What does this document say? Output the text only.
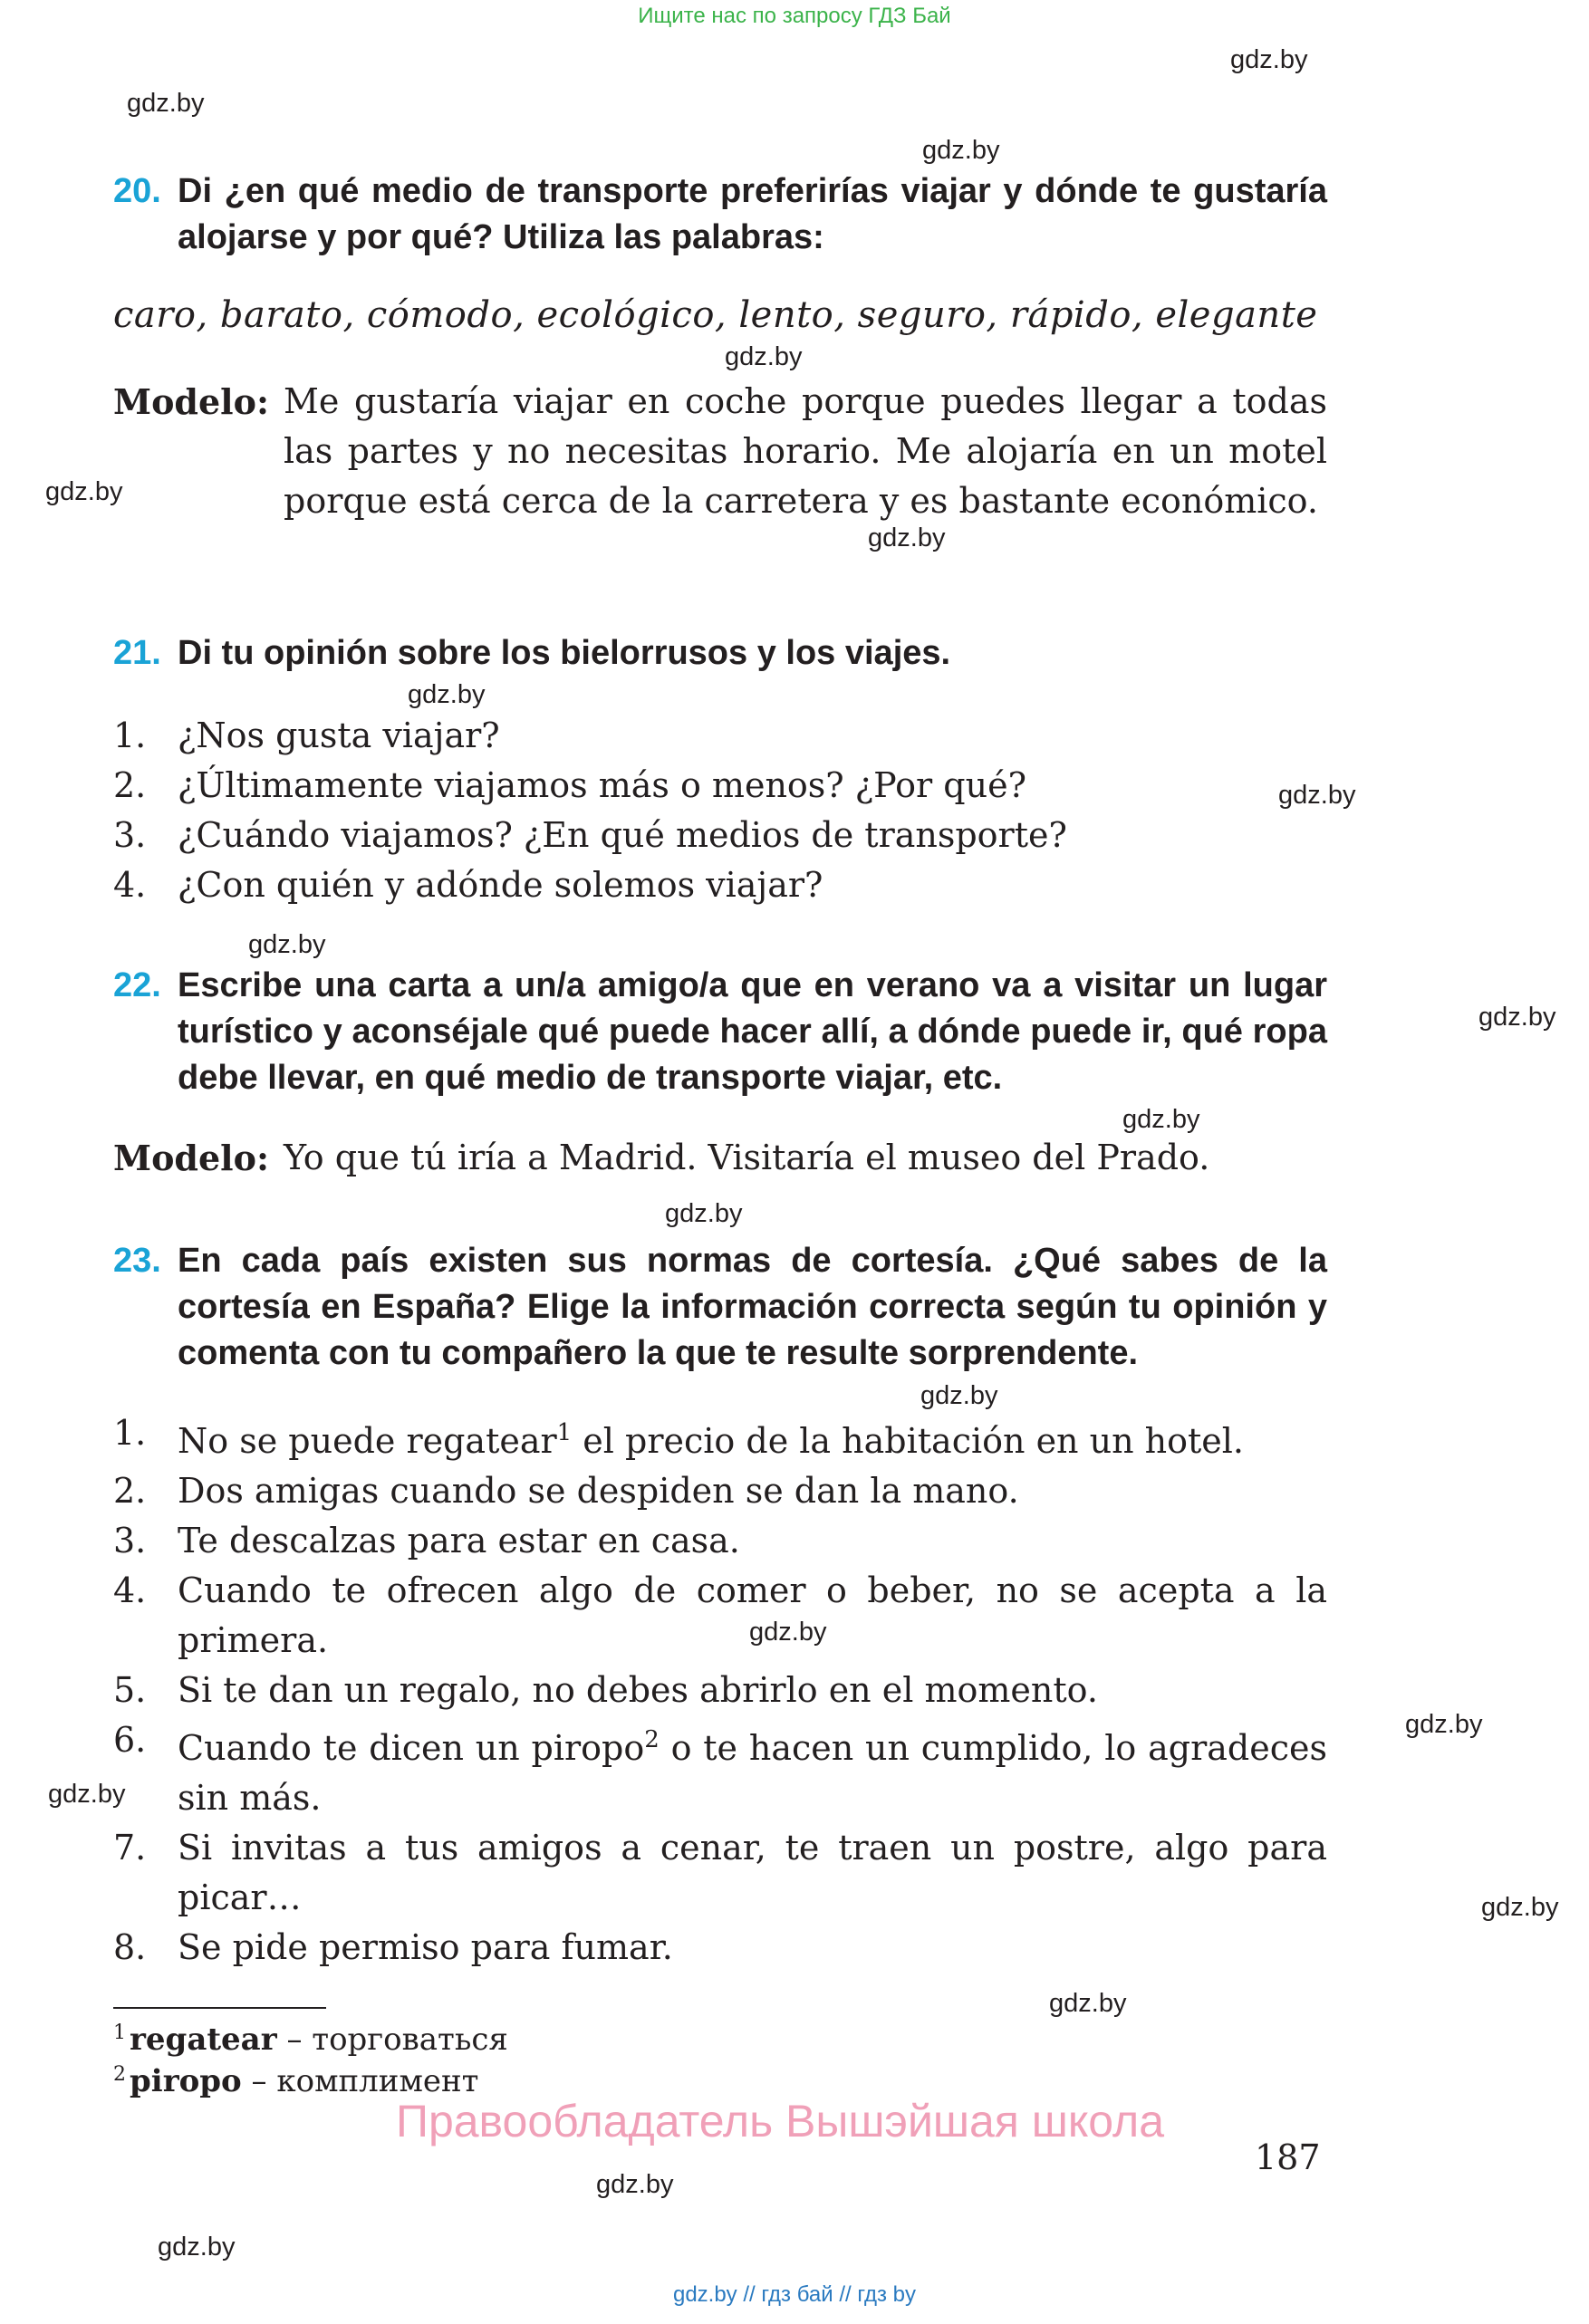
Ищите нас по запросу ГДЗ Бай
gdz.by
gdz.by
gdz.by
gdz.by
gdz.by
gdz.by
gdz.by
gdz.by
gdz.by
gdz.by
gdz.by
gdz.by
gdz.by
gdz.by
gdz.by
gdz.by
gdz.by
gdz.by
gdz.by
gdz.by
20. Di ¿en qué medio de transporte preferirías viajar y dónde te gustaría alojarse y por qué? Utiliza las palabras:
caro, barato, cómodo, ecológico, lento, seguro, rápido, elegante
Modelo: Me gustaría viajar en coche porque puedes llegar a todas las partes y no necesitas horario. Me alojaría en un motel porque está cerca de la carretera y es bastante económico.
21. Di tu opinión sobre los bielorrusos y los viajes.
1. ¿Nos gusta viajar?
2. ¿Últimamente viajamos más o menos? ¿Por qué?
3. ¿Cuándo viajamos? ¿En qué medios de transporte?
4. ¿Con quién y adónde solemos viajar?
22. Escribe una carta a un/a amigo/a que en verano va a visitar un lugar turístico y aconséjale qué puede hacer allí, a dónde puede ir, qué ropa debe llevar, en qué medio de transporte viajar, etc.
Modelo: Yo que tú iría a Madrid. Visitaría el museo del Prado.
23. En cada país existen sus normas de cortesía. ¿Qué sabes de la cortesía en España? Elige la información correcta según tu opinión y comenta con tu compañero la que te resulte sorprendente.
1. No se puede regatear$^1$ el precio de la habitación en un hotel.
2. Dos amigas cuando se despiden se dan la mano.
3. Te descalzas para estar en casa.
4. Cuando te ofrecen algo de comer o beber, no se acepta a la primera.
5. Si te dan un regalo, no debes abrirlo en el momento.
6. Cuando te dicen un piropo$^2$ o te hacen un cumplido, lo agradeces sin más.
7. Si invitas a tus amigos a cenar, te traen un postre, algo para picar…
8. Se pide permiso para fumar.
$^1$ regatear – торговаться
$^2$ piropo – комплимент
Правообладатель Вышэйшая школа
187
gdz.by // гдз бай // гдз by
